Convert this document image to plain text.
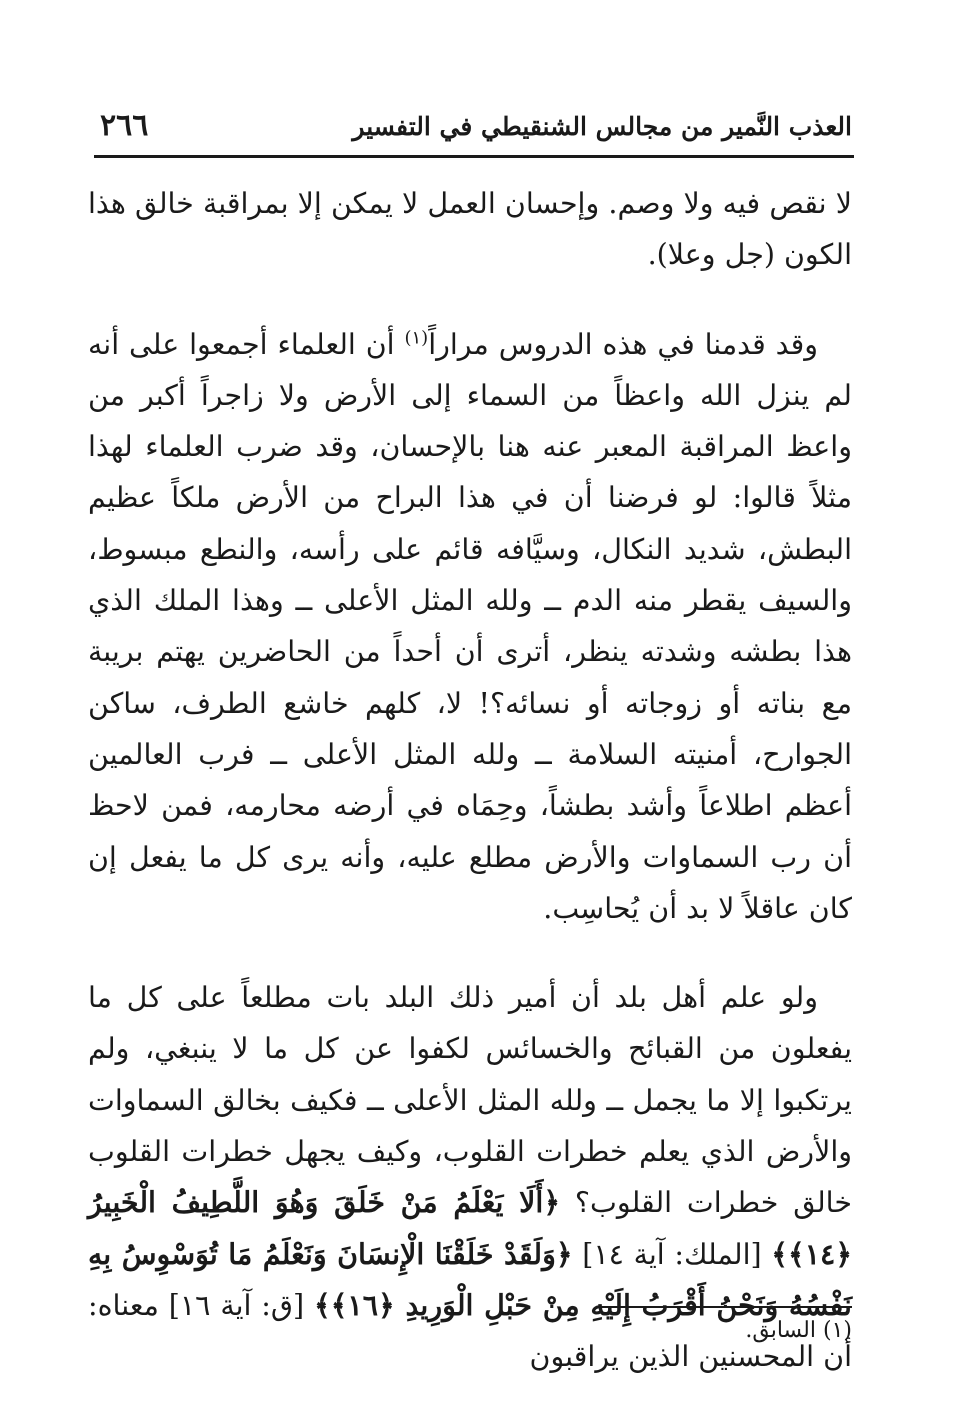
٢٦٦	العذب النَّمير من مجالس الشنقيطي في التفسير

لا نقص فيه ولا وصم. وإحسان العمل لا يمكن إلا بمراقبة خالق هذا الكون (جل وعلا).

وقد قدمنا في هذه الدروس مراراً$^{(١)}$ أن العلماء أجمعوا على أنه لم ينزل الله واعظاً من السماء إلى الأرض ولا زاجراً أكبر من واعظ المراقبة المعبر عنه هنا بالإحسان، وقد ضرب العلماء لهذا مثلاً قالوا: لو فرضنا أن في هذا البراح من الأرض ملكاً عظيم البطش، شديد النكال، وسيَّافه قائم على رأسه، والنطع مبسوط، والسيف يقطر منه الدم ــ ولله المثل الأعلى ــ وهذا الملك الذي هذا بطشه وشدته ينظر، أترى أن أحداً من الحاضرين يهتم بريبة مع بناته أو زوجاته أو نسائه؟! لا، كلهم خاشع الطرف، ساكن الجوارح، أمنيته السلامة ــ ولله المثل الأعلى ــ فرب العالمين أعظم اطلاعاً وأشد بطشاً، وحِمَاه في أرضه محارمه، فمن لاحظ أن رب السماوات والأرض مطلع عليه، وأنه يرى كل ما يفعل إن كان عاقلاً لا بد أن يُحاسِب.

ولو علم أهل بلد أن أمير ذلك البلد بات مطلعاً على كل ما يفعلون من القبائح والخسائس لكفوا عن كل ما لا ينبغي، ولم يرتكبوا إلا ما يجمل ــ ولله المثل الأعلى ــ فكيف بخالق السماوات والأرض الذي يعلم خطرات القلوب، وكيف يجهل خطرات القلوب خالق خطرات القلوب؟ ﴿أَلَا يَعْلَمُ مَنْ خَلَقَ وَهُوَ اللَّطِيفُ الْخَبِيرُ ﴿١٤﴾﴾ [الملك: آية ١٤] ﴿وَلَقَدْ خَلَقْنَا الْإِنسَانَ وَنَعْلَمُ مَا تُوَسْوِسُ بِهِ نَفْسُهُ وَنَحْنُ أَقْرَبُ إِلَيْهِ مِنْ حَبْلِ الْوَرِيدِ ﴿١٦﴾﴾ [ق: آية ١٦] معناه: أن المحسنين الذين يراقبون

(١) السابق.
